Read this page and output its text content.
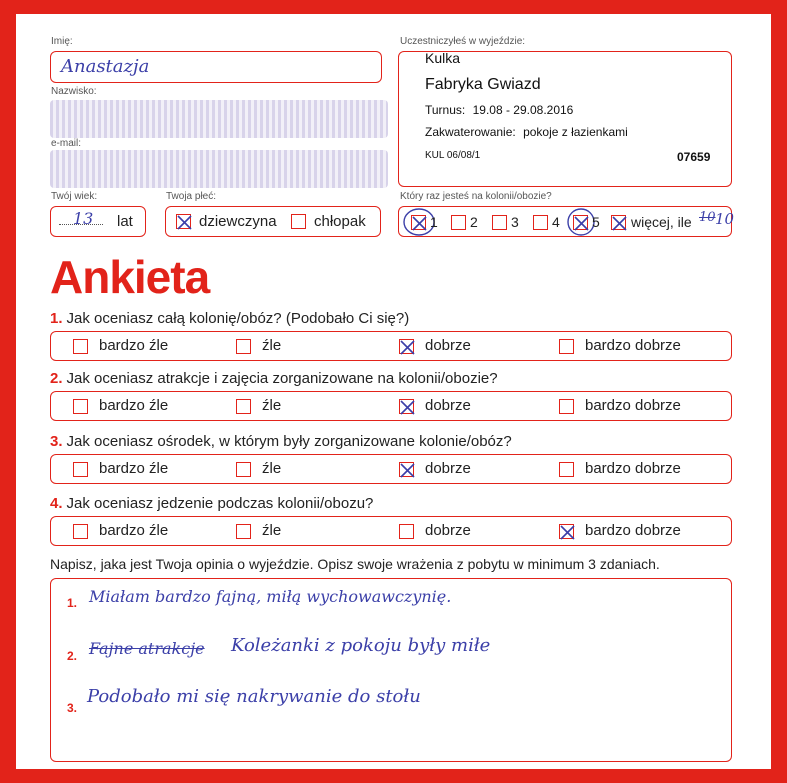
Imię:
Anastazja
Nazwisko:
e-mail:
Twój wiek:
13 lat
Twoja płeć:
dziewczyna chłopak
Uczestniczyłeś w wyjeździe:
Kulka
Fabryka Gwiazd
Turnus: 19.08 - 29.08.2016
Zakwaterowanie: pokoje z łazienkami
KUL 06/08/1	07659
Który raz jesteś na kolonii/obozie?
1 2 3 4 5 więcej, ile 10 10
Ankieta
Napisz, jaka jest Twoja opinia o wyjeździe. Opisz swoje wrażenia z pobytu w minimum 3 zdaniach.
1. Miałam bardzo fajną, miłą wychowawczynię.
2. Fajne atrakcje Koleżanki z pokoju były miłe
3.
Podobało mi się nakrywanie do stołu
1. Jak oceniasz całą kolonię/obóz? (Podobało Ci się?)
bardzo źle	źle	dobrze	bardzo dobrze
2. Jak oceniasz atrakcje i zajęcia zorganizowane na kolonii/obozie?
bardzo źle	źle	dobrze	bardzo dobrze
3. Jak oceniasz ośrodek, w którym były zorganizowane kolonie/obóz?
bardzo źle	źle	dobrze	bardzo dobrze
4. Jak oceniasz jedzenie podczas kolonii/obozu?
bardzo źle	źle	dobrze	bardzo dobrze
